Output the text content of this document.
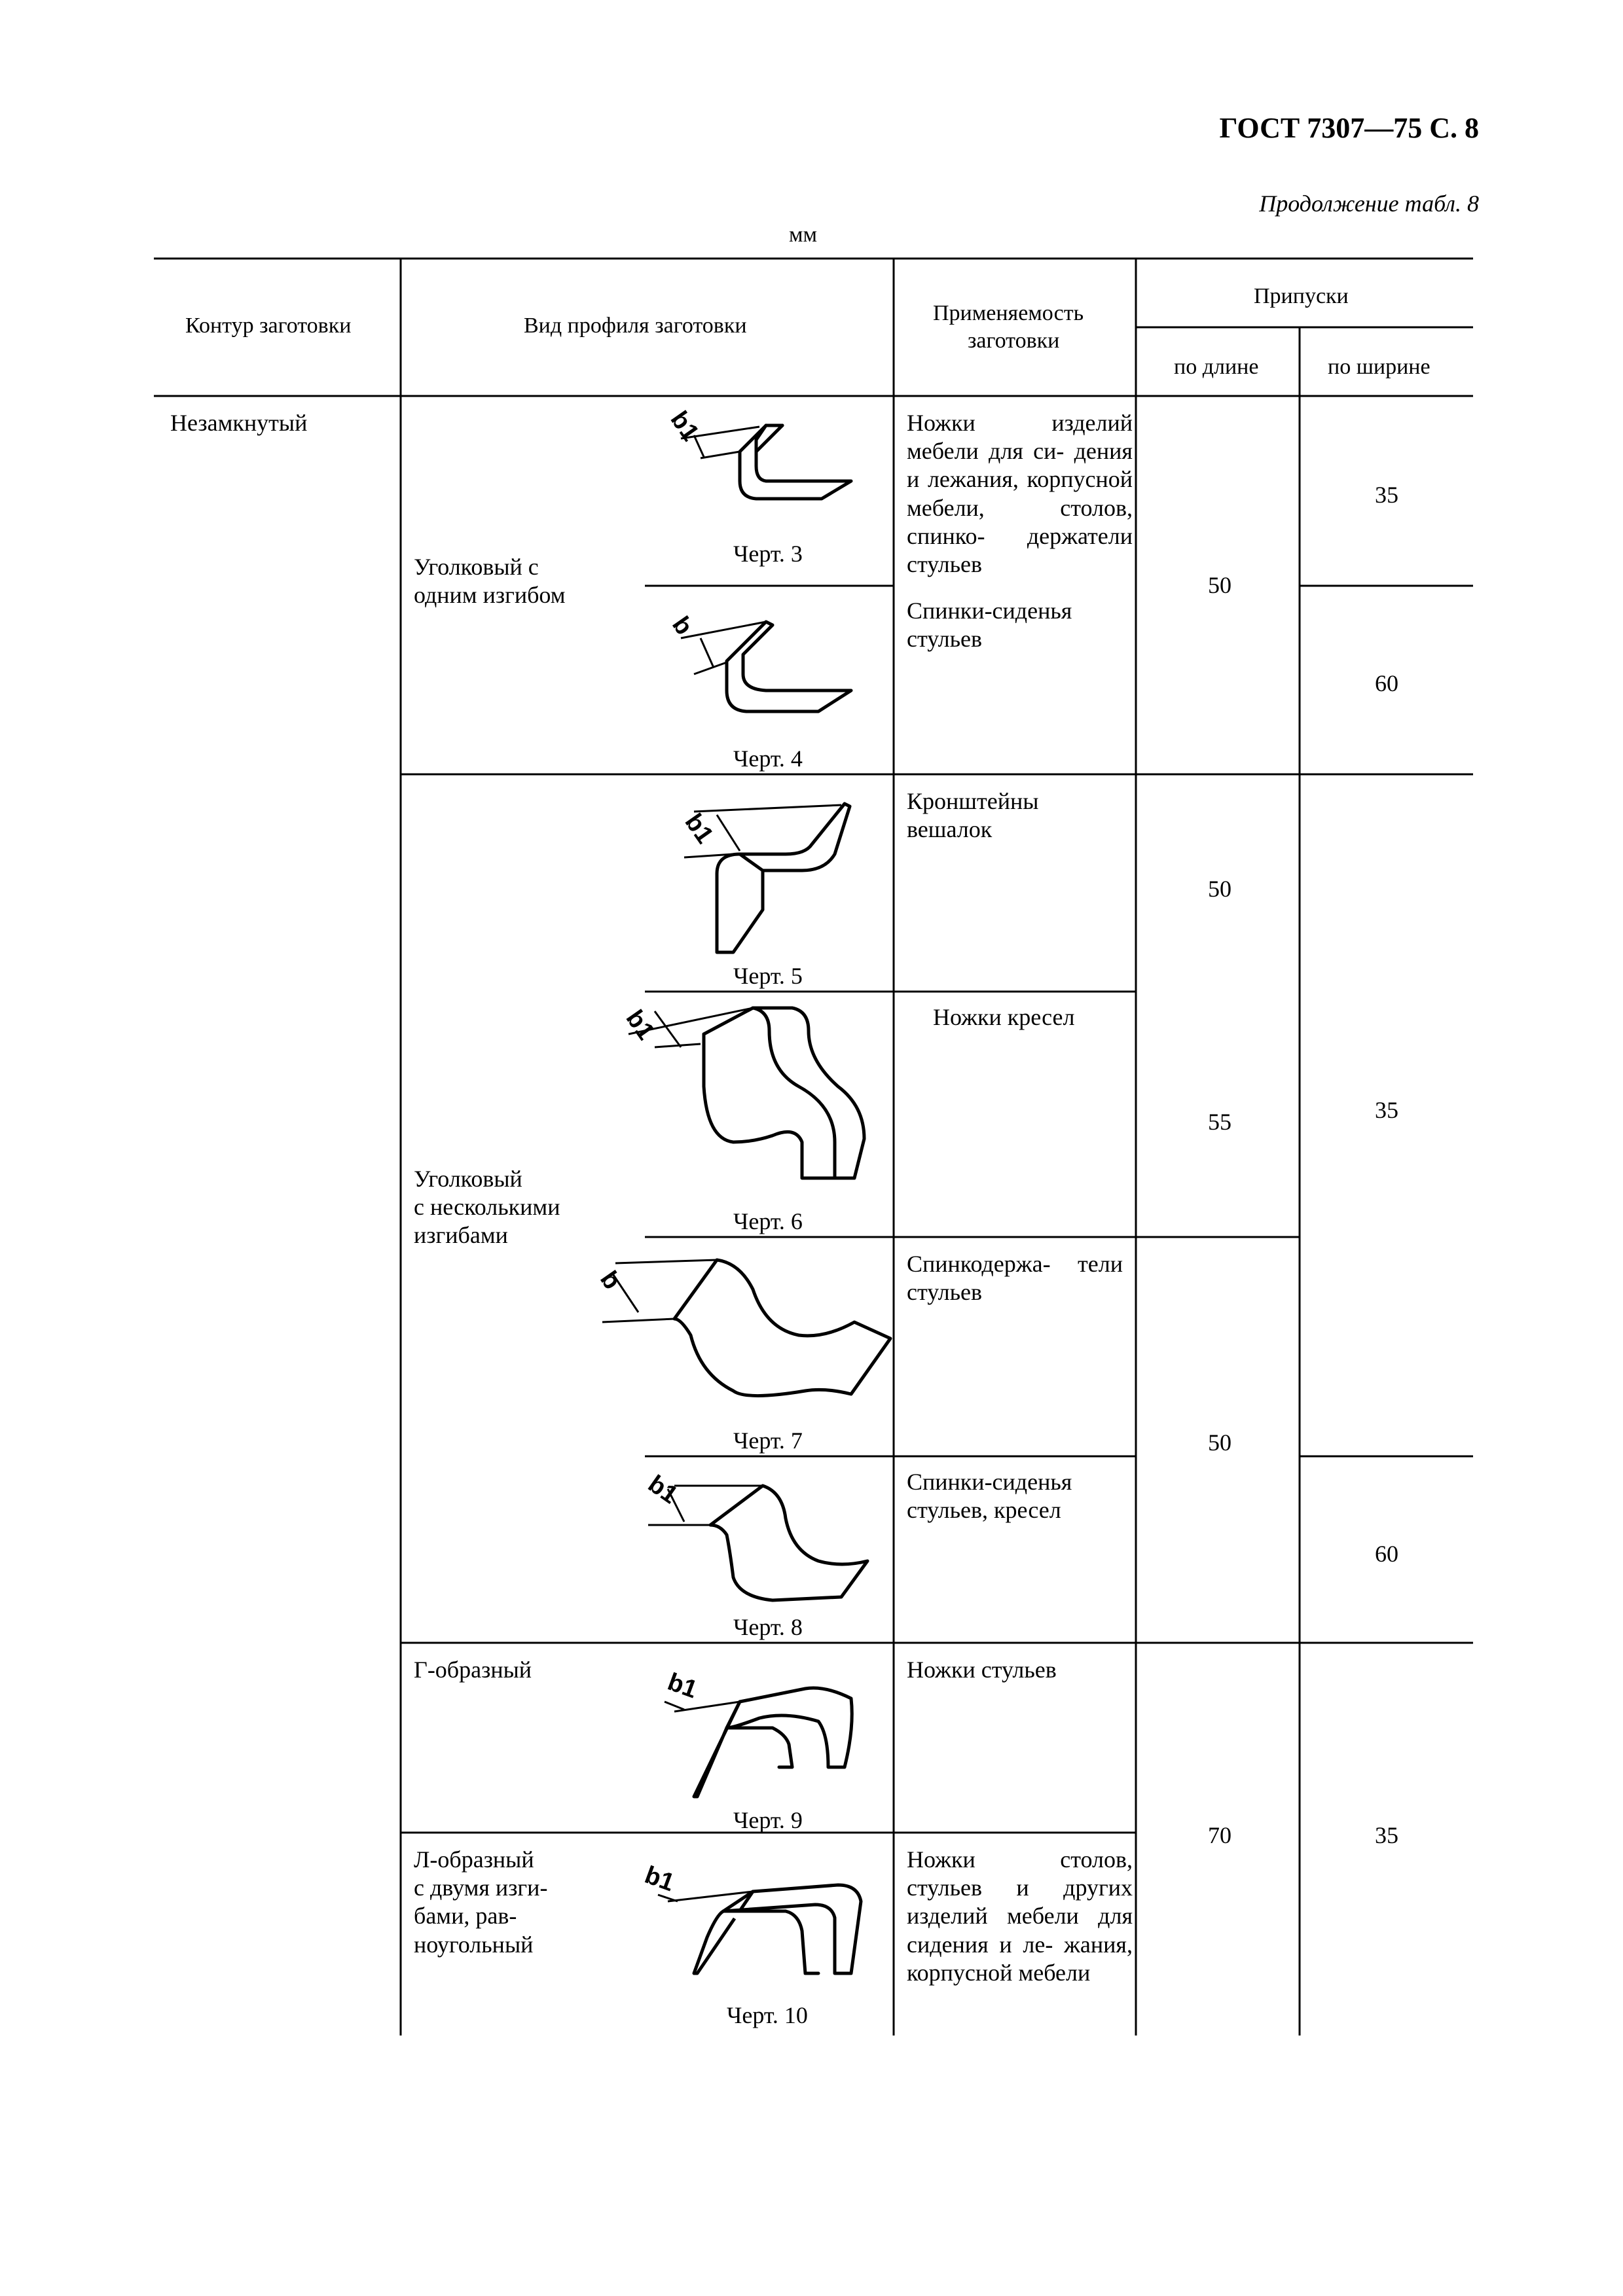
ГОСТ 7307—75 С. 8
Продолжение табл. 8
мм
Контур заготовки	Вид профиля заготовки
Применяемость
заготовки
Припуски
по длине	по ширине
Незамкнутый
Уголковый с
одним изгибом
Уголковый
с несколькими
изгибами
Г-образный
Л-образный
с двумя изги-
бами, рав-
ноугольный
b1
b
b1
b1
b
b1
b1
b1
Черт. 3
Черт. 4
Черт. 5
Черт. 6
Черт. 7
Черт. 8
Черт. 9
Черт. 10
Ножки изделий мебели для си- дения и лежания, корпусной мебели, столов, спинко- держатели стульев
Спинки-сиденья стульев
Кронштейны вешалок
Ножки кресел
Спинкодержа- тели стульев
Спинки-сиденья стульев, кресел
Ножки стульев
Ножки столов, стульев и других изделий мебели для сидения и ле- жания, корпусной мебели
50
50
55
50
70
35
60
35
60
35
